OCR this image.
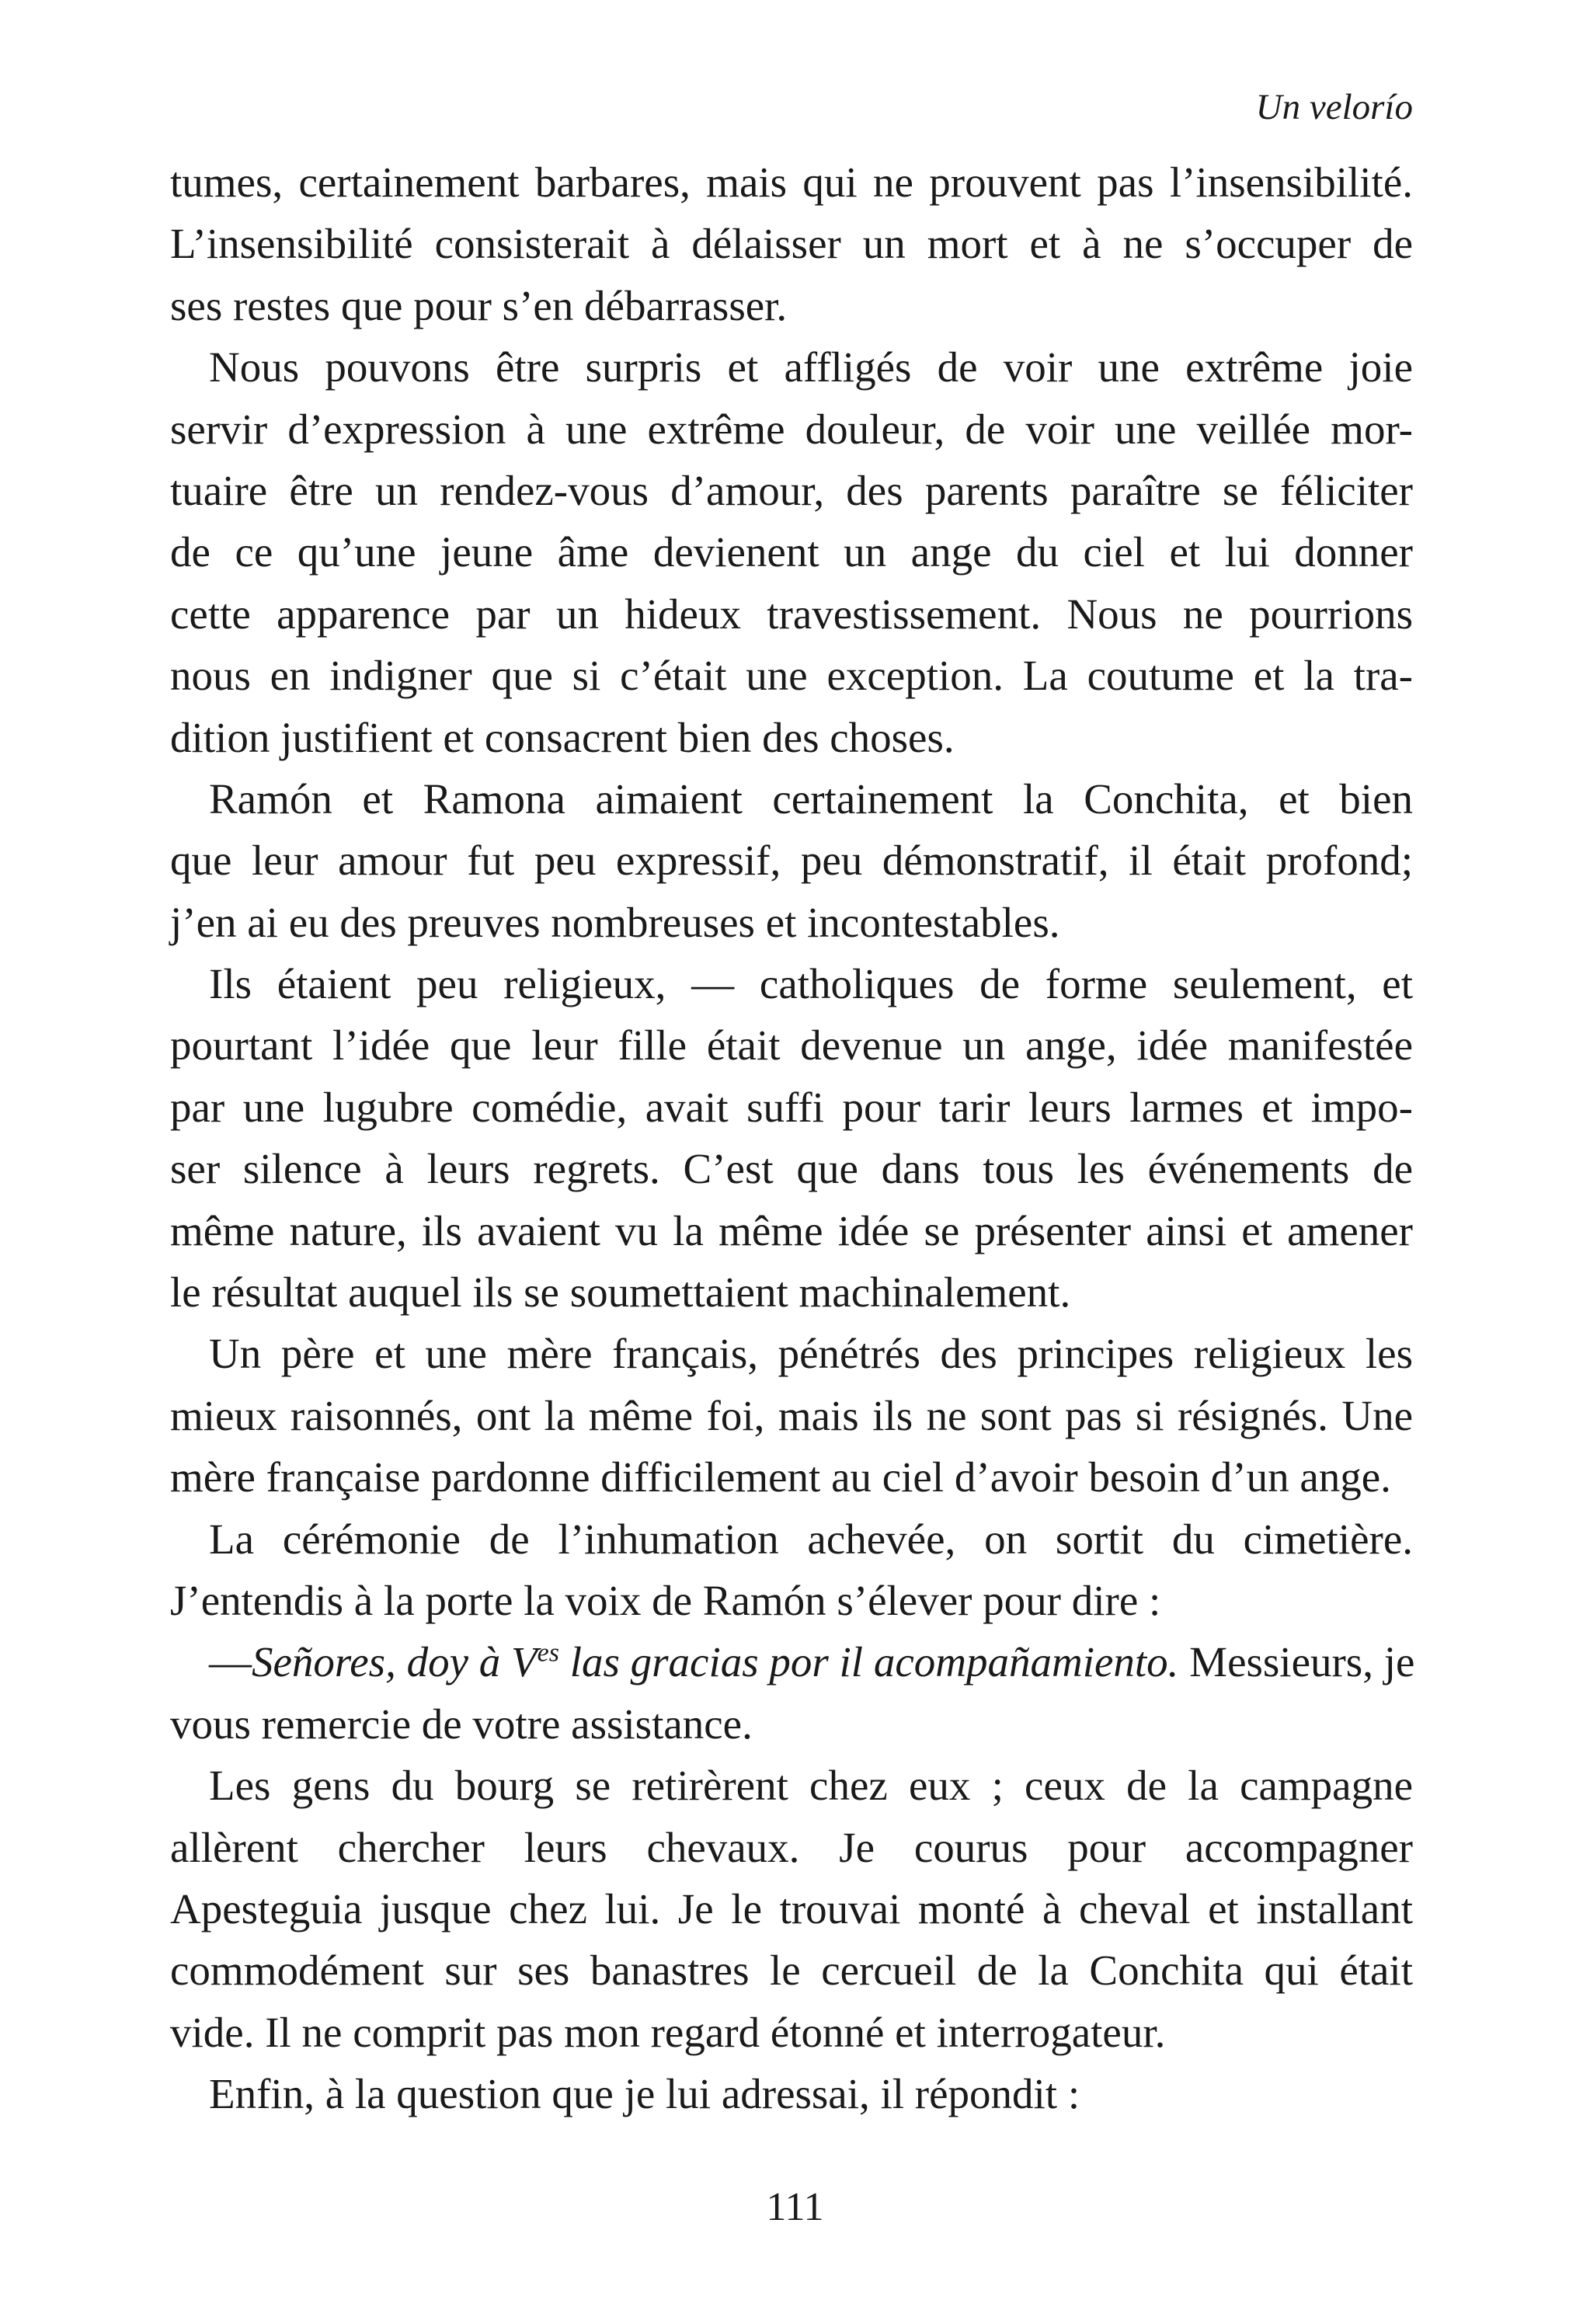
Un velorío
tumes, certainement barbares, mais qui ne prouvent pas l’insensibilité.
L’insensibilité consisterait à délaisser un mort et à ne s’occuper de
ses restes que pour s’en débarrasser.
Nous pouvons être surpris et affligés de voir une extrême joie
servir d’expression à une extrême douleur, de voir une veillée mor-
tuaire être un rendez-vous d’amour, des parents paraître se féliciter
de ce qu’une jeune âme devienent un ange du ciel et lui donner
cette apparence par un hideux travestissement. Nous ne pourrions
nous en indigner que si c’était une exception. La coutume et la tra-
dition justifient et consacrent bien des choses.
Ramón et Ramona aimaient certainement la Conchita, et bien
que leur amour fut peu expressif, peu démonstratif, il était profond;
j’en ai eu des preuves nombreuses et incontestables.
Ils étaient peu religieux, — catholiques de forme seulement, et
pourtant l’idée que leur fille était devenue un ange, idée manifestée
par une lugubre comédie, avait suffi pour tarir leurs larmes et impo-
ser silence à leurs regrets. C’est que dans tous les événements de
même nature, ils avaient vu la même idée se présenter ainsi et amener
le résultat auquel ils se soumettaient machinalement.
Un père et une mère français, pénétrés des principes religieux les
mieux raisonnés, ont la même foi, mais ils ne sont pas si résignés. Une
mère française pardonne difficilement au ciel d’avoir besoin d’un ange.
La cérémonie de l’inhumation achevée, on sortit du cimetière.
J’entendis à la porte la voix de Ramón s’élever pour dire :
—Señores, doy à $V^{es}$ las gracias por il acompañamiento. Messieurs, je
vous remercie de votre assistance.
Les gens du bourg se retirèrent chez eux ; ceux de la campagne
allèrent chercher leurs chevaux. Je courus pour accompagner
Apesteguia jusque chez lui. Je le trouvai monté à cheval et installant
commodément sur ses banastres le cercueil de la Conchita qui était
vide. Il ne comprit pas mon regard étonné et interrogateur.
Enfin, à la question que je lui adressai, il répondit :
111
